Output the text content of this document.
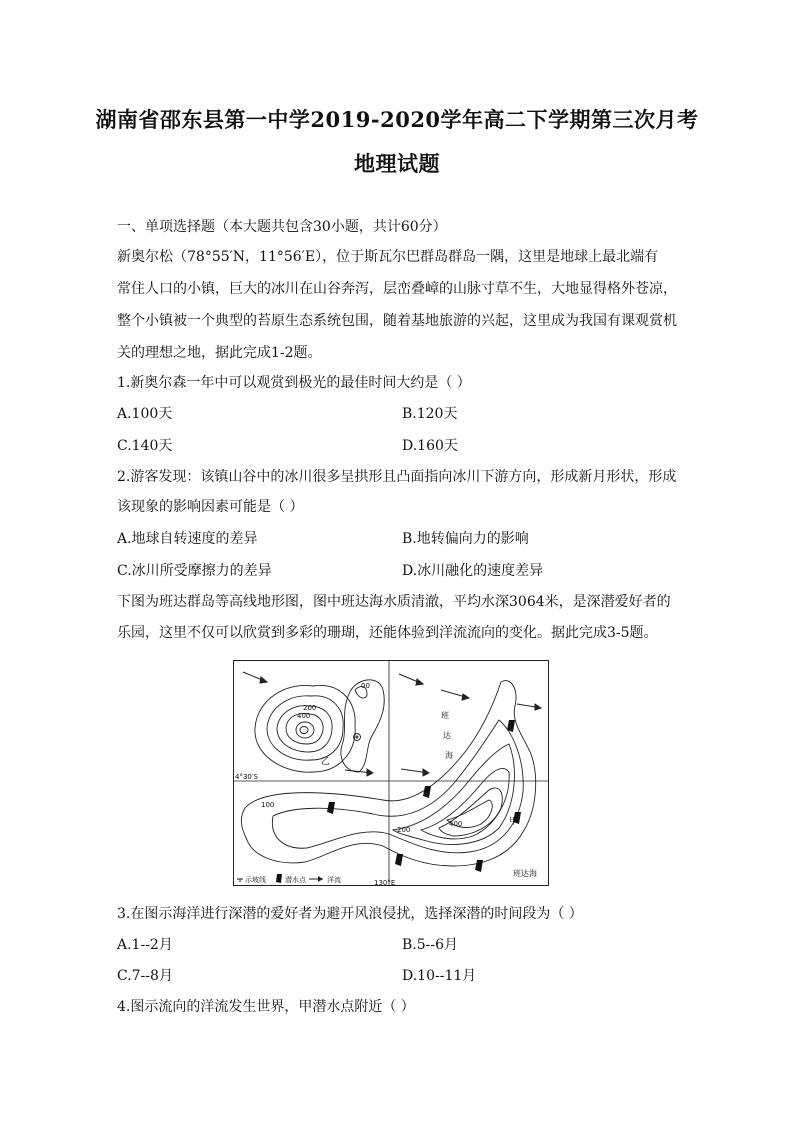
湖南省邵东县第一中学2019-2020学年高二下学期第三次月考
地理试题
一、单项选择题（本大题共包含30小题，共计60分）
新奥尔松（78°55′N，11°56′E），位于斯瓦尔巴群岛群岛一隅，这里是地球上最北端有
常住人口的小镇，巨大的冰川在山谷奔泻，层峦叠嶂的山脉寸草不生，大地显得格外苍凉，
整个小镇被一个典型的苔原生态系统包围，随着基地旅游的兴起，这里成为我国有课观赏机
关的理想之地，据此完成1-2题。
1.新奥尔森一年中可以观赏到极光的最佳时间大约是（ ）
A.100天	B.120天
C.140天	D.160天
2.游客发现：该镇山谷中的冰川很多呈拱形且凸面指向冰川下游方向，形成新月形状，形成
该现象的影响因素可能是（ ）
A.地球自转速度的差异	B.地转偏向力的影响
C.冰川所受摩擦力的差异	D.冰川融化的速度差异
下图为班达群岛等高线地形图，图中班达海水质清澈，平均水深3064米，是深潜爱好者的
乐园，这里不仅可以欣赏到多彩的珊瑚，还能体验到洋流流向的变化。据此完成3-5题。
200
400
00
100
200
400
4°30′S
130°E
乙
甲
班
达
海
班达海
示坡线	潜水点	洋流
3.在图示海洋进行深潜的爱好者为避开风浪侵扰，选择深潜的时间段为（ ）
A.1--2月	B.5--6月
C.7--8月	D.10--11月
4.图示流向的洋流发生世界，甲潜水点附近（ ）
